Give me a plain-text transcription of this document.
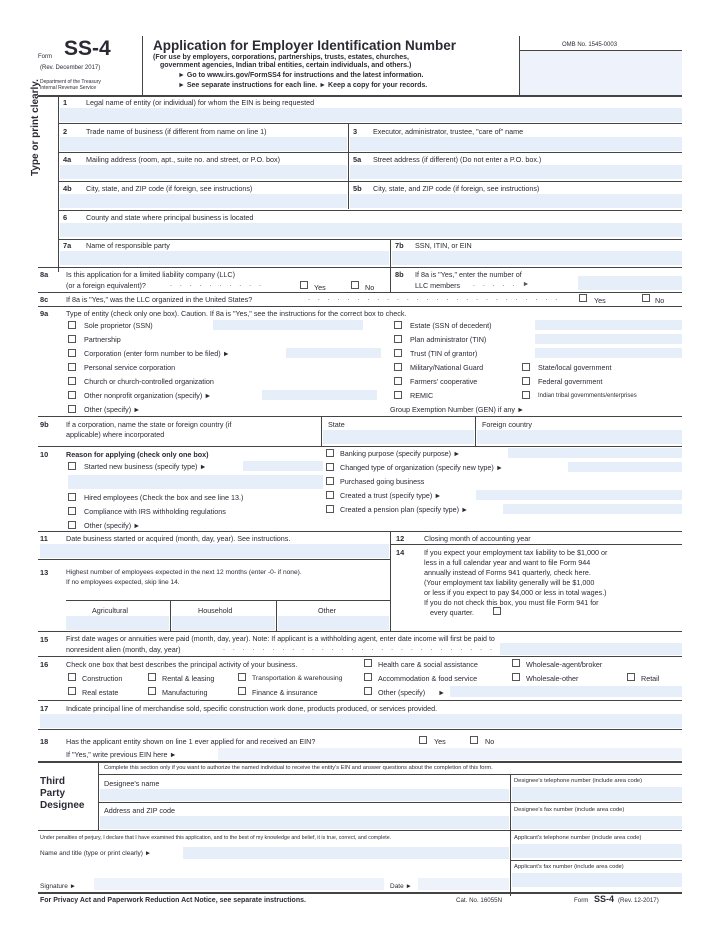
Form SS-4
(Rev. December 2017)
Department of the Treasury
Internal Revenue Service
Application for Employer Identification Number
(For use by employers, corporations, partnerships, trusts, estates, churches,
government agencies, Indian tribal entities, certain individuals, and others.)
► Go to www.irs.gov/FormSS4 for instructions and the latest information.
► See separate instructions for each line. ► Keep a copy for your records.
OMB No. 1545-0003
Type or print clearly.	1	Legal name of entity (or individual) for whom the EIN is being requested
2	Trade name of business (if different from name on line 1)	3 Executor, administrator, trustee, "care of" name
4a Mailing address (room, apt., suite no. and street, or P.O. box)	5a Street address (if different) (Do not enter a P.O. box.)
4b City, state, and ZIP code (if foreign, see instructions)	5b City, state, and ZIP code (if foreign, see instructions)
6	County and state where principal business is located
7a Name of responsible party	7b SSN, ITIN, or EIN
8a Is this application for a limited liability company (LLC)
(or a foreign equivalent)?	. . . . . . . . . .	Yes	No
8b If 8a is "Yes," enter the number of
LLC members . . . . . ►
8c If 8a is "Yes," was the LLC organized in the United States?	. . . . . . . . . . . . . . . . . . . . . . . . . .	Yes	No
9a Type of entity (check only one box). Caution. If 8a is "Yes," see the instructions for the correct box to check.
Sole proprietor (SSN)
Partnership
Corporation (enter form number to be filed) ►
Personal service corporation
Church or church-controlled organization
Other nonprofit organization (specify) ►
Other (specify) ►
Estate (SSN of decedent)
Plan administrator (TIN)
Trust (TIN of grantor)
Military/National Guard
Farmers' cooperative
REMIC
State/local government
Federal government
Indian tribal governments/enterprises
Group Exemption Number (GEN) if any ►
9b If a corporation, name the state or foreign country (if
applicable) where incorporated
State	Foreign country
10 Reason for applying (check only one box)
Started new business (specify type) ►
Hired employees (Check the box and see line 13.)
Compliance with IRS withholding regulations
Other (specify) ►
Banking purpose (specify purpose) ►
Changed type of organization (specify new type) ►
Purchased going business
Created a trust (specify type) ►
Created a pension plan (specify type) ►
11	Date business started or acquired (month, day, year). See instructions.	12	Closing month of accounting year
13	Highest number of employees expected in the next 12 months (enter -0- if none).
If no employees expected, skip line 14.
Agricultural	Household	Other
14	If you expect your employment tax liability to be $1,000 or
less in a full calendar year and want to file Form 944
annually instead of Forms 941 quarterly, check here.
(Your employment tax liability generally will be $1,000
or less if you expect to pay $4,000 or less in total wages.)
If you do not check this box, you must file Form 941 for
every quarter.
15	First date wages or annuities were paid (month, day, year). Note: If applicant is a withholding agent, enter date income will first be paid to
nonresident alien (month, day, year)	. . . . . . . . . . . . . . . . . . . . . . . . . . . .
16 Check one box that best describes the principal activity of your business.	Health care & social assistance	Wholesale-agent/broker
Construction	Rental & leasing	Transportation & warehousing	Accommodation & food service	Wholesale-other	Retail
Real estate	Manufacturing	Finance & insurance	Other (specify) ►
17 Indicate principal line of merchandise sold, specific construction work done, products produced, or services provided.
18 Has the applicant entity shown on line 1 ever applied for and received an EIN?	Yes	No
If "Yes," write previous EIN here ►
Third
Party
Designee
Complete this section only if you want to authorize the named individual to receive the entity's EIN and answer questions about the completion of this form.
Designee's name	Designee's telephone number (include area code)
Address and ZIP code	Designee's fax number (include area code)
Under penalties of perjury, I declare that I have examined this application, and to the best of my knowledge and belief, it is true, correct, and complete.	Applicant's telephone number (include area code)
Name and title (type or print clearly) ►
Applicant's fax number (include area code)
Signature ►	Date ►
For Privacy Act and Paperwork Reduction Act Notice, see separate instructions.	Cat. No. 16055N	Form SS-4 (Rev. 12-2017)
